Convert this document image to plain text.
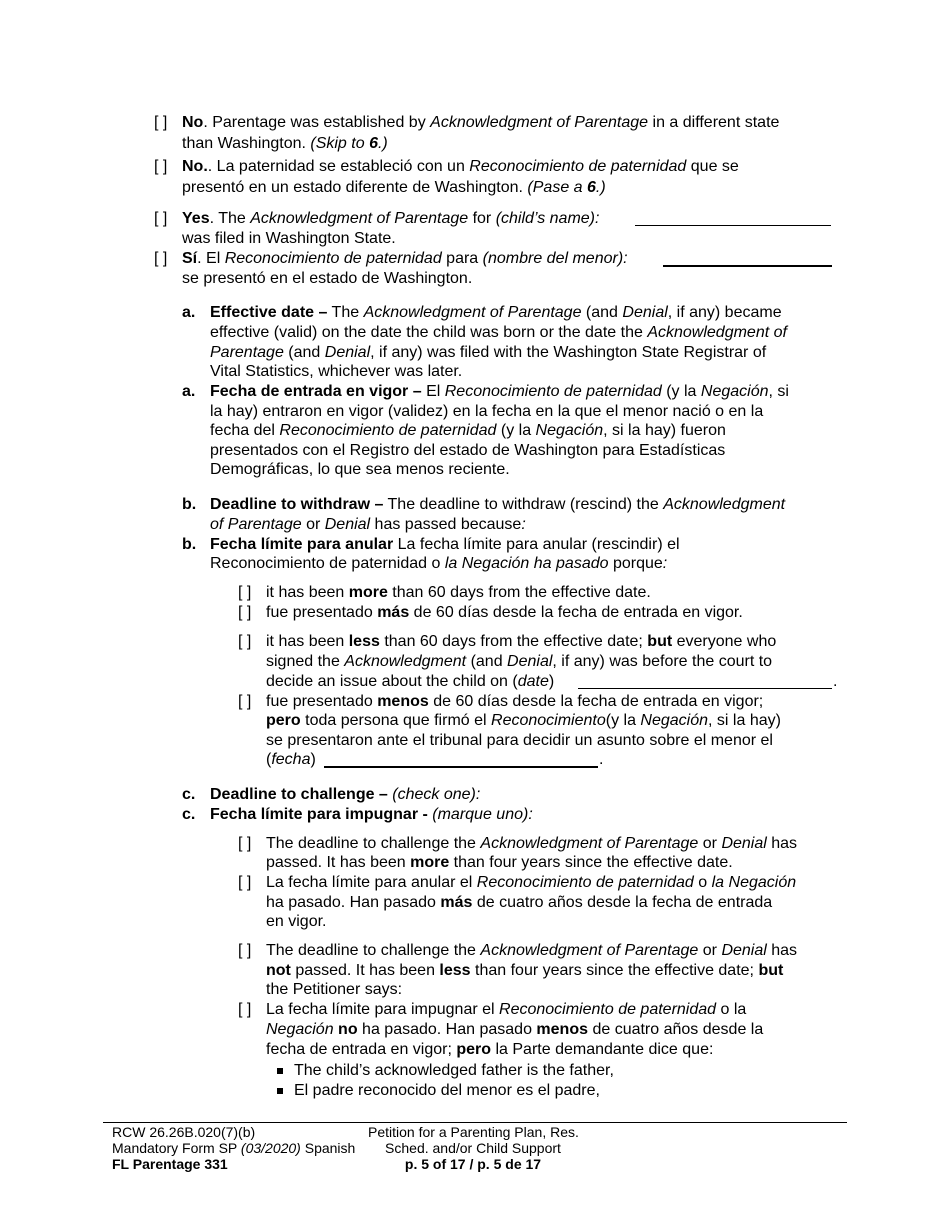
[ ] No. Parentage was established by Acknowledgment of Parentage in a different state
than Washington. (Skip to 6.)
[ ] No.. La paternidad se estableció con un Reconocimiento de paternidad que se
presentó en un estado diferente de Washington. (Pase a 6.)
[ ] Yes. The Acknowledgment of Parentage for (child’s name):
was filed in Washington State.
[ ] Sí. El Reconocimiento de paternidad para (nombre del menor):
se presentó en el estado de Washington.
a. Effective date – The Acknowledgment of Parentage (and Denial, if any) became
effective (valid) on the date the child was born or the date the Acknowledgment of
Parentage (and Denial, if any) was filed with the Washington State Registrar of
Vital Statistics, whichever was later.
a. Fecha de entrada en vigor – El Reconocimiento de paternidad (y la Negación, si
la hay) entraron en vigor (validez) en la fecha en la que el menor nació o en la
fecha del Reconocimiento de paternidad (y la Negación, si la hay) fueron
presentados con el Registro del estado de Washington para Estadísticas
Demográficas, lo que sea menos reciente.
b. Deadline to withdraw – The deadline to withdraw (rescind) the Acknowledgment
of Parentage or Denial has passed because:
b. Fecha límite para anular La fecha límite para anular (rescindir) el
Reconocimiento de paternidad o la Negación ha pasado porque:
[ ] it has been more than 60 days from the effective date.
[ ] fue presentado más de 60 días desde la fecha de entrada en vigor.
[ ] it has been less than 60 days from the effective date; but everyone who
signed the Acknowledgment (and Denial, if any) was before the court to
decide an issue about the child on (date)	.
[ ] fue presentado menos de 60 días desde la fecha de entrada en vigor;
pero toda persona que firmó el Reconocimiento(y la Negación, si la hay)
se presentaron ante el tribunal para decidir un asunto sobre el menor el
(fecha)	.
c. Deadline to challenge – (check one):
c. Fecha límite para impugnar - (marque uno):
[ ] The deadline to challenge the Acknowledgment of Parentage or Denial has
passed. It has been more than four years since the effective date.
[ ] La fecha límite para anular el Reconocimiento de paternidad o la Negación
ha pasado. Han pasado más de cuatro años desde la fecha de entrada
en vigor.
[ ] The deadline to challenge the Acknowledgment of Parentage or Denial has
not passed. It has been less than four years since the effective date; but
the Petitioner says:
[ ] La fecha límite para impugnar el Reconocimiento de paternidad o la
Negación no ha pasado. Han pasado menos de cuatro años desde la
fecha de entrada en vigor; pero la Parte demandante dice que:
The child’s acknowledged father is the father,
El padre reconocido del menor es el padre,
RCW 26.26B.020(7)(b)
Mandatory Form SP (03/2020) Spanish
FL Parentage 331
Petition for a Parenting Plan, Res.
Sched. and/or Child Support
p. 5 of 17 / p. 5 de 17
